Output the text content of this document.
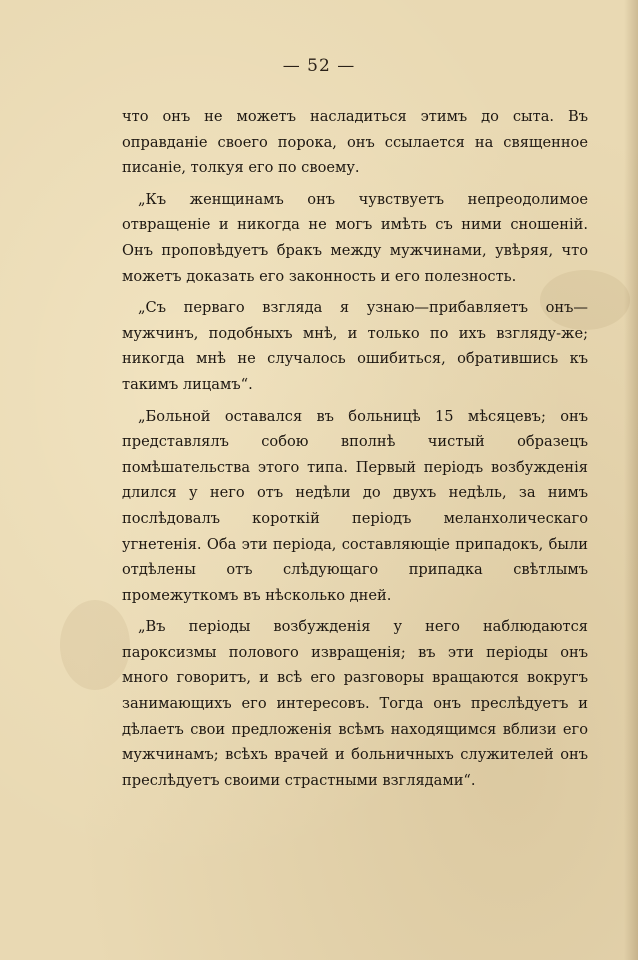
— 52 —

что онъ не можетъ насладиться этимъ до сыта. Въ оправданіе своего порока, онъ ссылается на священное писаніе, толкуя его по своему.

„Къ женщинамъ онъ чувствуетъ непреодолимое отвращеніе и никогда не могъ имѣть съ ними сношеній. Онъ проповѣдуетъ бракъ между мужчинами, увѣряя, что можетъ доказать его законность и его полезность.

„Съ перваго взгляда я узнаю—прибавляетъ онъ—мужчинъ, подобныхъ мнѣ, и только по ихъ взгляду-же; никогда мнѣ не случалось ошибиться, обратившись къ такимъ лицамъ“.

„Больной оставался въ больницѣ 15 мѣсяцевъ; онъ представлялъ собою вполнѣ чистый образецъ помѣшательства этого типа. Первый періодъ возбужденія длился у него отъ недѣли до двухъ недѣль, за нимъ послѣдовалъ короткій періодъ меланхолическаго угнетенія. Оба эти періода, составляющіе припадокъ, были отдѣлены отъ слѣдующаго припадка свѣтлымъ промежуткомъ въ нѣсколько дней.

„Въ періоды возбужденія у него наблюдаются пароксизмы полового извращенія; въ эти періоды онъ много говоритъ, и всѣ его разговоры вращаются вокругъ занимающихъ его интересовъ. Тогда онъ преслѣдуетъ и дѣлаетъ свои предложенія всѣмъ находящимся вблизи его мужчинамъ; всѣхъ врачей и больничныхъ служителей онъ преслѣдуетъ своими страстными взглядами“.
